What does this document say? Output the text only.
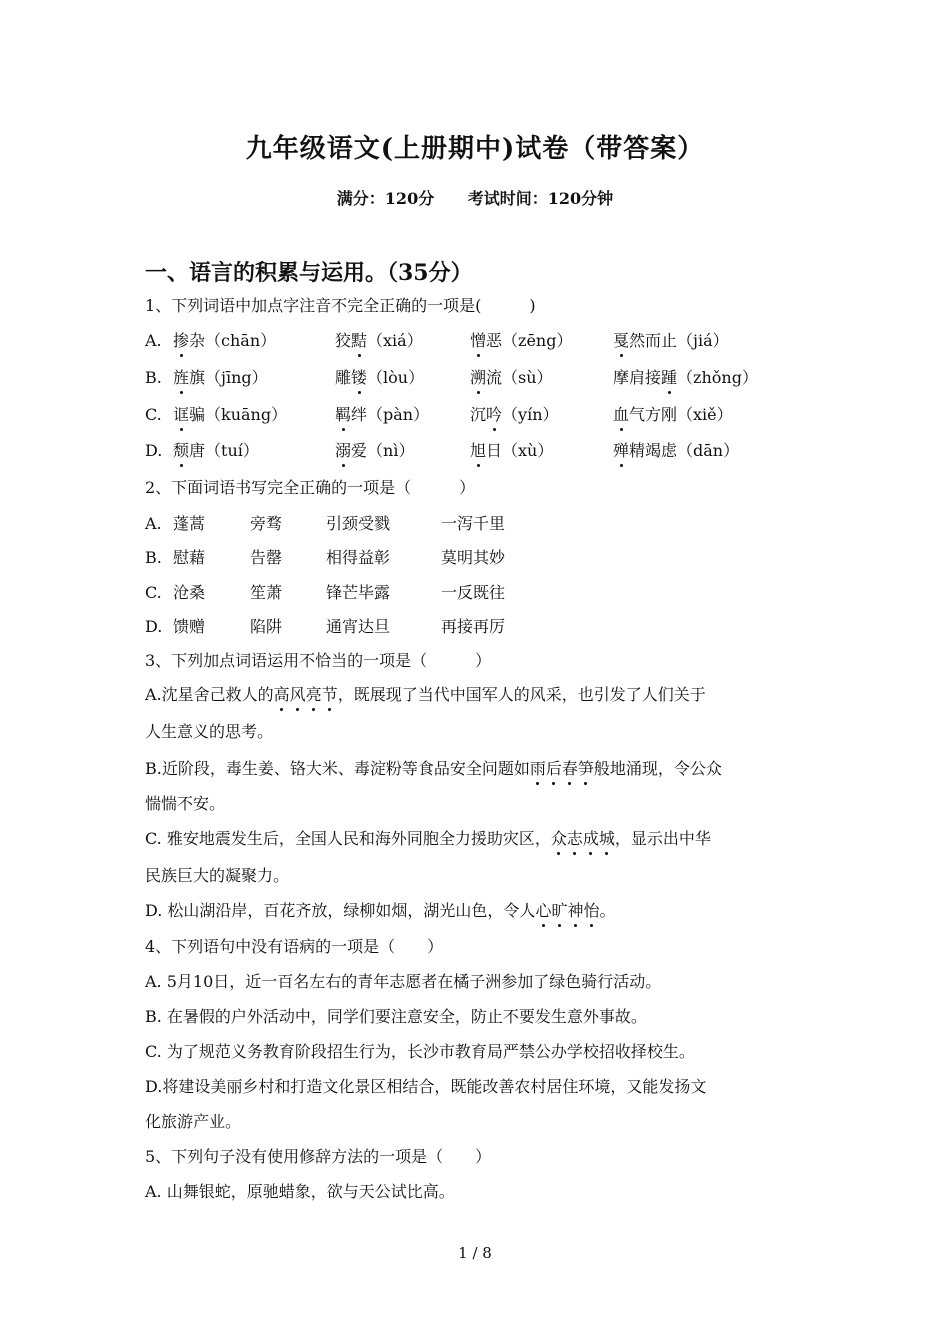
九年级语文(上册期中)试卷（带答案）
满分：120分 考试时间：120分钟
一、语言的积累与运用。（35分）
1、下列词语中加点字注音不完全正确的一项是(　　　)
A. 掺杂（chān）	狡黠（xiá）	憎恶（zēng）	戛然而止（jiá）
B. 旌旗（jīng）	雕镂（lòu）	溯流（sù）	摩肩接踵（zhǒng）
C. 诓骗（kuāng）	羁绊（pàn）	沉吟（yín）	血气方刚（xiě）
D. 颓唐（tuí）	溺爱（nì）	旭日（xù）	殚精竭虑（dān）
2、下面词语书写完全正确的一项是（　　　）
A. 蓬蒿	旁骛	引颈受戮	一泻千里
B. 慰藉	告罄	相得益彰	莫明其妙
C. 沧桑	笙萧	锋芒毕露	一反既往
D. 馈赠	陷阱	通宵达旦	再接再厉
3、下列加点词语运用不恰当的一项是（　　　）
A.沈星舍己救人的高风亮节，既展现了当代中国军人的风采，也引发了人们关于
人生意义的思考。
B.近阶段，毒生姜、铬大米、毒淀粉等食品安全问题如雨后春笋般地涌现，令公众
惴惴不安。
C. 雅安地震发生后，全国人民和海外同胞全力援助灾区，众志成城，显示出中华
民族巨大的凝聚力。
D. 松山湖沿岸，百花齐放，绿柳如烟，湖光山色，令人心旷神怡。
4、下列语句中没有语病的一项是（　　）
A. 5月10日，近一百名左右的青年志愿者在橘子洲参加了绿色骑行活动。
B. 在暑假的户外活动中，同学们要注意安全，防止不要发生意外事故。
C. 为了规范义务教育阶段招生行为，长沙市教育局严禁公办学校招收择校生。
D.将建设美丽乡村和打造文化景区相结合，既能改善农村居住环境，又能发扬文
化旅游产业。
5、下列句子没有使用修辞方法的一项是（　　）
A. 山舞银蛇，原驰蜡象，欲与天公试比高。
1 / 8
